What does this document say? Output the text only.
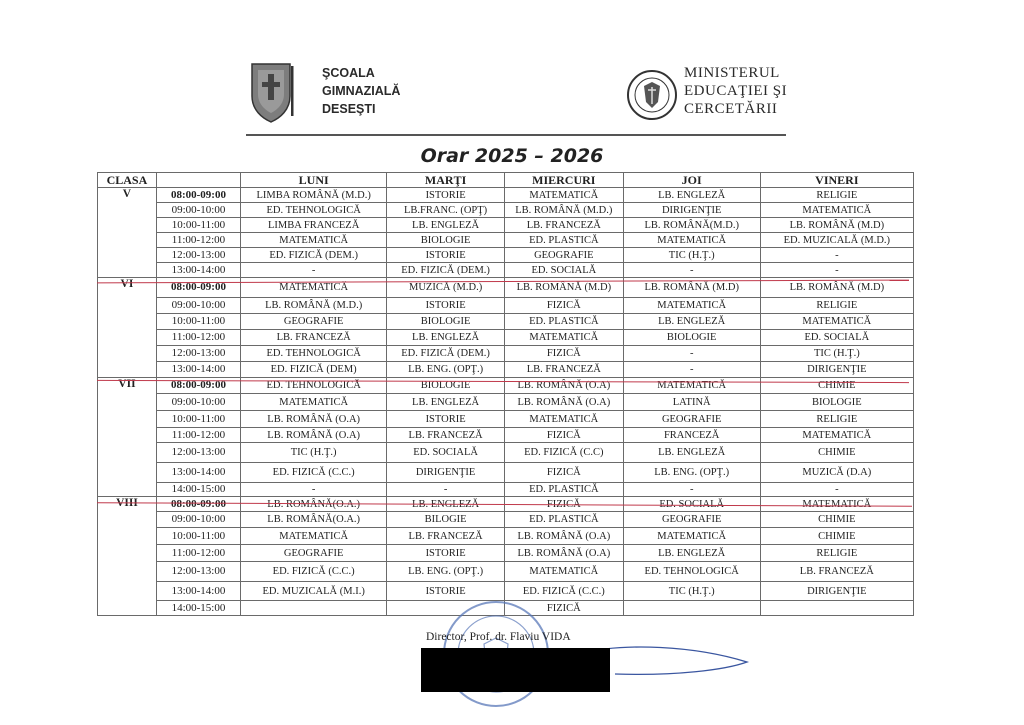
ŞCOALA
GIMNAZIALĂ
DESEŞTI
MINISTERUL
EDUCAŢIEI ŞI
CERCETĂRII
Orar 2025 – 2026
CLASA		LUNI	MARŢI	MIERCURI	JOI	VINERI
V	08:00-09:00	LIMBA ROMÂNĂ (M.D.)	ISTORIE	MATEMATICĂ	LB. ENGLEZĂ	RELIGIE
	09:00-10:00	ED. TEHNOLOGICĂ	LB.FRANC. (OPŢ)	LB. ROMÂNĂ (M.D.)	DIRIGENŢIE	MATEMATICĂ
	10:00-11:00	LIMBA FRANCEZĂ	LB. ENGLEZĂ	LB. FRANCEZĂ	LB. ROMÂNĂ(M.D.)	LB. ROMÂNĂ (M.D)
	11:00-12:00	MATEMATICĂ	BIOLOGIE	ED. PLASTICĂ	MATEMATICĂ	ED. MUZICALĂ (M.D.)
	12:00-13:00	ED. FIZICĂ (DEM.)	ISTORIE	GEOGRAFIE	TIC (H.Ţ.)	-
	13:00-14:00	-	ED. FIZICĂ (DEM.)	ED. SOCIALĂ	-	-
VI	08:00-09:00	MATEMATICĂ	MUZICĂ (M.D.)	LB. ROMÂNĂ (M.D)	LB. ROMÂNĂ (M.D)	LB. ROMÂNĂ (M.D)
	09:00-10:00	LB. ROMÂNĂ (M.D.)	ISTORIE	FIZICĂ	MATEMATICĂ	RELIGIE
	10:00-11:00	GEOGRAFIE	BIOLOGIE	ED. PLASTICĂ	LB. ENGLEZĂ	MATEMATICĂ
	11:00-12:00	LB. FRANCEZĂ	LB. ENGLEZĂ	MATEMATICĂ	BIOLOGIE	ED. SOCIALĂ
	12:00-13:00	ED. TEHNOLOGICĂ	ED. FIZICĂ (DEM.)	FIZICĂ	-	TIC (H.Ţ.)
	13:00-14:00	ED. FIZICĂ (DEM)	LB. ENG. (OPŢ.)	LB. FRANCEZĂ	-	DIRIGENŢIE
VII	08:00-09:00	ED. TEHNOLOGICĂ	BIOLOGIE	LB. ROMÂNĂ (O.A)	MATEMATICĂ	CHIMIE
	09:00-10:00	MATEMATICĂ	LB. ENGLEZĂ	LB. ROMÂNĂ (O.A)	LATINĂ	BIOLOGIE
	10:00-11:00	LB. ROMÂNĂ (O.A)	ISTORIE	MATEMATICĂ	GEOGRAFIE	RELIGIE
	11:00-12:00	LB. ROMÂNĂ (O.A)	LB. FRANCEZĂ	FIZICĂ	FRANCEZĂ	MATEMATICĂ
	12:00-13:00	TIC (H.Ţ.)	ED. SOCIALĂ	ED. FIZICĂ (C.C)	LB. ENGLEZĂ	CHIMIE
	13:00-14:00	ED. FIZICĂ (C.C.)	DIRIGENŢIE	FIZICĂ	LB. ENG. (OPŢ.)	MUZICĂ (D.A)
	14:00-15:00	-	-	ED. PLASTICĂ	-	-
VIII	08:00-09:00	LB. ROMÂNĂ(O.A.)	LB. ENGLEZĂ	FIZICĂ	ED. SOCIALĂ	MATEMATICĂ
	09:00-10:00	LB. ROMÂNĂ(O.A.)	BILOGIE	ED. PLASTICĂ	GEOGRAFIE	CHIMIE
	10:00-11:00	MATEMATICĂ	LB. FRANCEZĂ	LB. ROMÂNĂ (O.A)	MATEMATICĂ	CHIMIE
	11:00-12:00	GEOGRAFIE	ISTORIE	LB. ROMÂNĂ (O.A)	LB. ENGLEZĂ	RELIGIE
	12:00-13:00	ED. FIZICĂ (C.C.)	LB. ENG. (OPŢ.)	MATEMATICĂ	ED. TEHNOLOGICĂ	LB. FRANCEZĂ
	13:00-14:00	ED. MUZICALĂ (M.I.)	ISTORIE	ED. FIZICĂ (C.C.)	TIC (H.Ţ.)	DIRIGENŢIE
	14:00-15:00			FIZICĂ		
Director, Prof. dr. Flaviu VIDA
